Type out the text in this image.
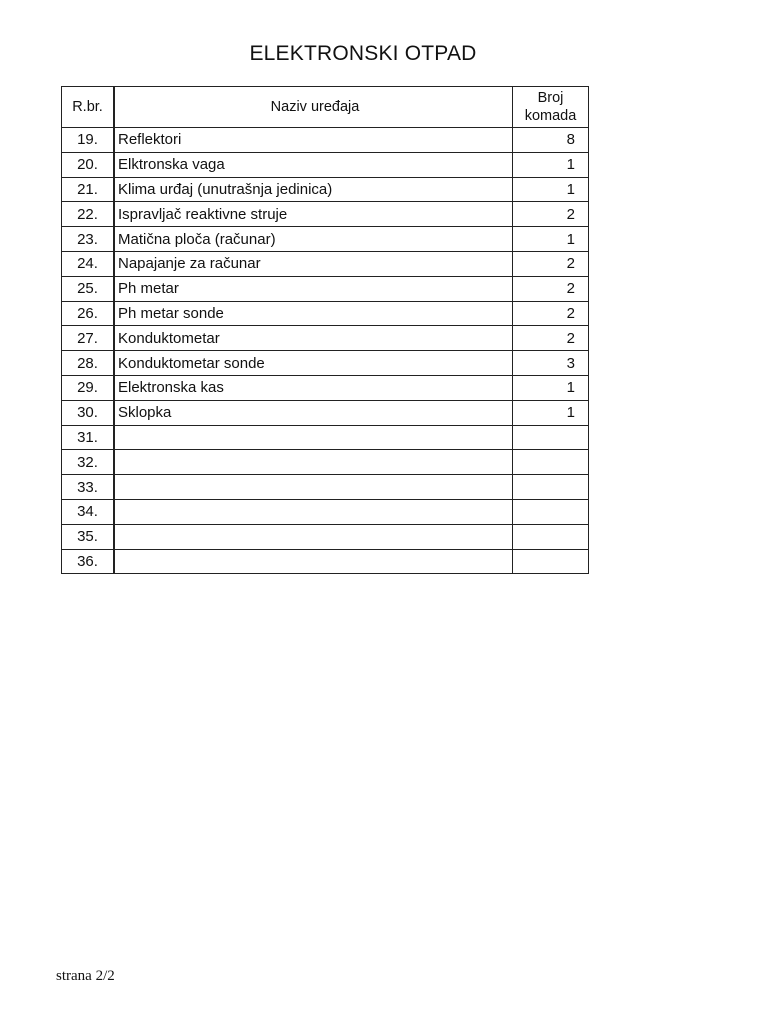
ELEKTRONSKI OTPAD
R.br.	Naziv uređaja	Broj
komada
19.	Reflektori	8
20.	Elktronska vaga	1
21.	Klima urđaj (unutrašnja jedinica)	1
22.	Ispravljač reaktivne struje	2
23.	Matična ploča (računar)	1
24.	Napajanje za računar	2
25.	Ph metar	2
26.	Ph metar sonde	2
27.	Konduktometar	2
28.	Konduktometar sonde	3
29.	Elektronska kas	1
30.	Sklopka	1
31.		
32.		
33.		
34.		
35.		
36.		
strana 2/2
